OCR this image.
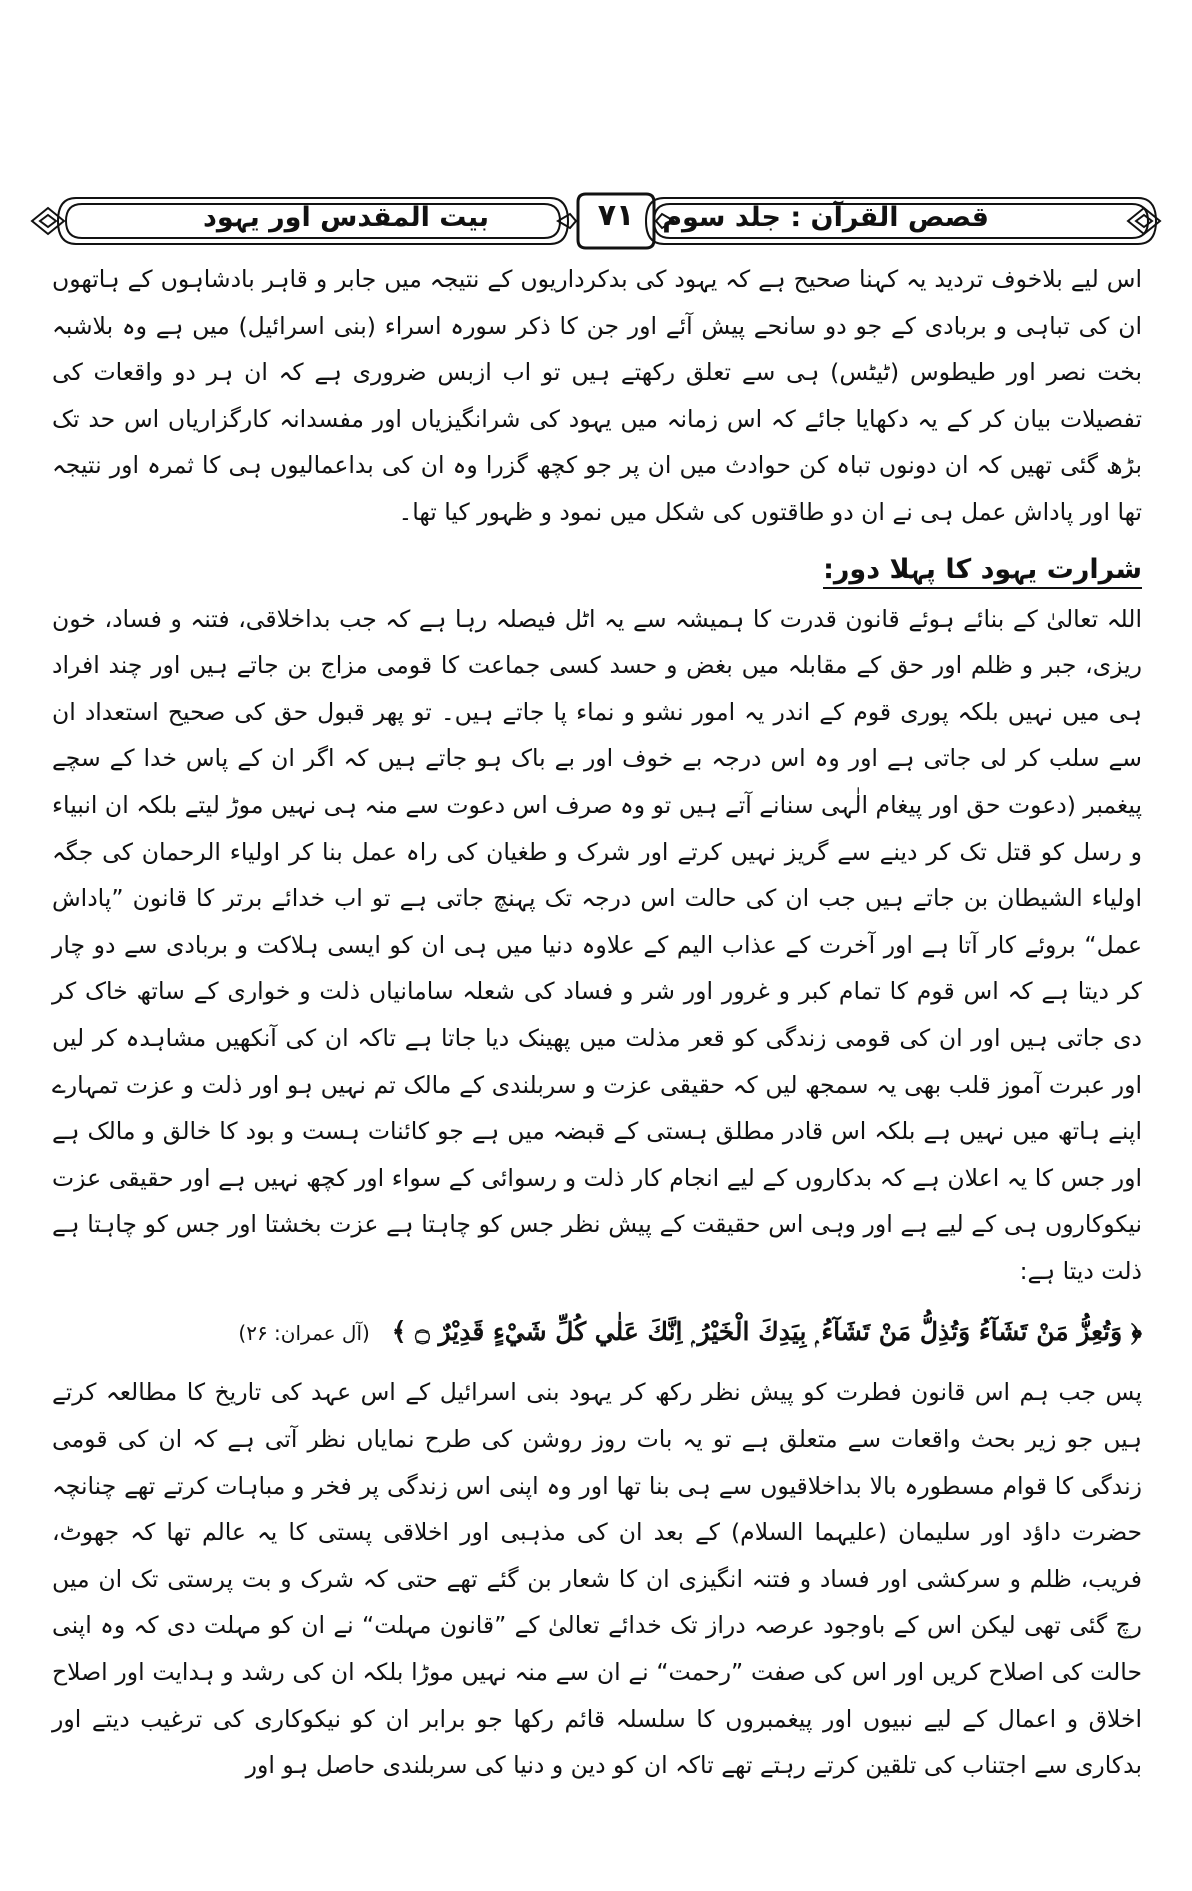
قصص القرآن : جلد سوم
۷۱
بیت المقدس اور یہود

اس لیے بلاخوف تردید یہ کہنا صحیح ہے کہ یہود کی بدکرداریوں کے نتیجہ میں جابر و قاہر بادشاہوں کے ہاتھوں ان کی تباہی و بربادی کے جو دو سانحے پیش آئے اور جن کا ذکر سورہ اسراء (بنی اسرائیل) میں ہے وہ بلاشبہ بخت نصر اور طیطوس (ٹیٹس) ہی سے تعلق رکھتے ہیں تو اب ازبس ضروری ہے کہ ان ہر دو واقعات کی تفصیلات بیان کر کے یہ دکھایا جائے کہ اس زمانہ میں یہود کی شرانگیزیاں اور مفسدانہ کارگزاریاں اس حد تک بڑھ گئی تھیں کہ ان دونوں تباہ کن حوادث میں ان پر جو کچھ گزرا وہ ان کی بداعمالیوں ہی کا ثمرہ اور نتیجہ تھا اور پاداش عمل ہی نے ان دو طاقتوں کی شکل میں نمود و ظہور کیا تھا۔

شرارت یہود کا پہلا دور:

اللہ تعالیٰ کے بنائے ہوئے قانون قدرت کا ہمیشہ سے یہ اٹل فیصلہ رہا ہے کہ جب بداخلاقی، فتنہ و فساد، خون ریزی، جبر و ظلم اور حق کے مقابلہ میں بغض و حسد کسی جماعت کا قومی مزاج بن جاتے ہیں اور چند افراد ہی میں نہیں بلکہ پوری قوم کے اندر یہ امور نشو و نماء پا جاتے ہیں۔ تو پھر قبول حق کی صحیح استعداد ان سے سلب کر لی جاتی ہے اور وہ اس درجہ بے خوف اور بے باک ہو جاتے ہیں کہ اگر ان کے پاس خدا کے سچے پیغمبر (دعوت حق اور پیغام الٰہی سنانے آتے ہیں تو وہ صرف اس دعوت سے منہ ہی نہیں موڑ لیتے بلکہ ان انبیاء و رسل کو قتل تک کر دینے سے گریز نہیں کرتے اور شرک و طغیان کی راہ عمل بنا کر اولیاء الرحمان کی جگہ اولیاء الشیطان بن جاتے ہیں جب ان کی حالت اس درجہ تک پہنچ جاتی ہے تو اب خدائے برتر کا قانون ”پاداش عمل“ بروئے کار آتا ہے اور آخرت کے عذاب الیم کے علاوہ دنیا میں ہی ان کو ایسی ہلاکت و بربادی سے دو چار کر دیتا ہے کہ اس قوم کا تمام کبر و غرور اور شر و فساد کی شعلہ سامانیاں ذلت و خواری کے ساتھ خاک کر دی جاتی ہیں اور ان کی قومی زندگی کو قعر مذلت میں پھینک دیا جاتا ہے تاکہ ان کی آنکھیں مشاہدہ کر لیں اور عبرت آموز قلب بھی یہ سمجھ لیں کہ حقیقی عزت و سربلندی کے مالک تم نہیں ہو اور ذلت و عزت تمہارے اپنے ہاتھ میں نہیں ہے بلکہ اس قادر مطلق ہستی کے قبضہ میں ہے جو کائنات ہست و بود کا خالق و مالک ہے اور جس کا یہ اعلان ہے کہ بدکاروں کے لیے انجام کار ذلت و رسوائی کے سواء اور کچھ نہیں ہے اور حقیقی عزت نیکوکاروں ہی کے لیے ہے اور وہی اس حقیقت کے پیش نظر جس کو چاہتا ہے عزت بخشتا اور جس کو چاہتا ہے ذلت دیتا ہے:

﴿ وَتُعِزُّ مَنْ تَشَآءُ وَتُذِلُّ مَنْ تَشَآءُ ۭ بِيَدِكَ الْخَيْرُ ۭ اِنَّكَ عَلٰي كُلِّ شَيْءٍ قَدِيْرٌ ۝ ﴾ (آل عمران: ۲۶)

پس جب ہم اس قانون فطرت کو پیش نظر رکھ کر یہود بنی اسرائیل کے اس عہد کی تاریخ کا مطالعہ کرتے ہیں جو زیر بحث واقعات سے متعلق ہے تو یہ بات روز روشن کی طرح نمایاں نظر آتی ہے کہ ان کی قومی زندگی کا قوام مسطورہ بالا بداخلاقیوں سے ہی بنا تھا اور وہ اپنی اس زندگی پر فخر و مباہات کرتے تھے چنانچہ حضرت داؤد اور سلیمان (علیہما السلام) کے بعد ان کی مذہبی اور اخلاقی پستی کا یہ عالم تھا کہ جھوٹ، فریب، ظلم و سرکشی اور فساد و فتنہ انگیزی ان کا شعار بن گئے تھے حتی کہ شرک و بت پرستی تک ان میں رچ گئی تھی لیکن اس کے باوجود عرصہ دراز تک خدائے تعالیٰ کے ”قانون مہلت“ نے ان کو مہلت دی کہ وہ اپنی حالت کی اصلاح کریں اور اس کی صفت ”رحمت“ نے ان سے منہ نہیں موڑا بلکہ ان کی رشد و ہدایت اور اصلاح اخلاق و اعمال کے لیے نبیوں اور پیغمبروں کا سلسلہ قائم رکھا جو برابر ان کو نیکوکاری کی ترغیب دیتے اور بدکاری سے اجتناب کی تلقین کرتے رہتے تھے تاکہ ان کو دین و دنیا کی سربلندی حاصل ہو اور
